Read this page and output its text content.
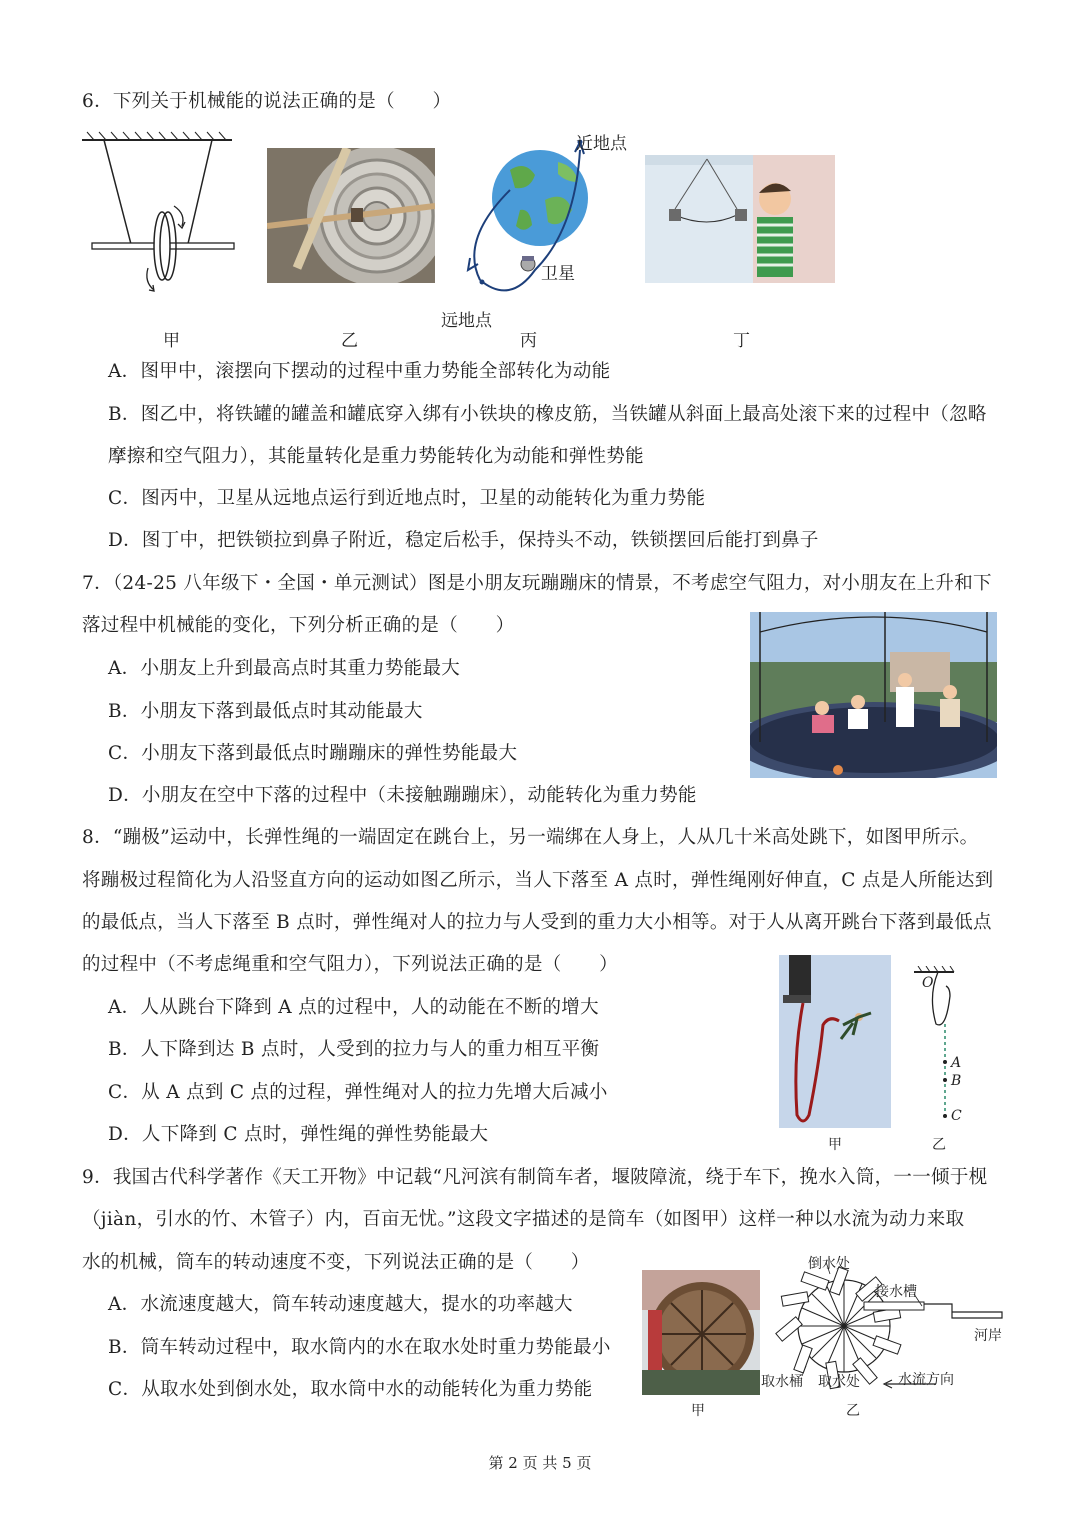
6．下列关于机械能的说法正确的是（　　）
近地点
卫星
远地点
甲	乙	丙	丁
A．图甲中，滚摆向下摆动的过程中重力势能全部转化为动能
B．图乙中，将铁罐的罐盖和罐底穿入绑有小铁块的橡皮筋，当铁罐从斜面上最高处滚下来的过程中（忽略
摩擦和空气阻力），其能量转化是重力势能转化为动能和弹性势能
C．图丙中，卫星从远地点运行到近地点时，卫星的动能转化为重力势能
D．图丁中，把铁锁拉到鼻子附近，稳定后松手，保持头不动，铁锁摆回后能打到鼻子
7．（24-25 八年级下・全国・单元测试）图是小朋友玩蹦蹦床的情景，不考虑空气阻力，对小朋友在上升和下
落过程中机械能的变化，下列分析正确的是（　　）
A．小朋友上升到最高点时其重力势能最大
B．小朋友下落到最低点时其动能最大
C．小朋友下落到最低点时蹦蹦床的弹性势能最大
D．小朋友在空中下落的过程中（未接触蹦蹦床），动能转化为重力势能
8．“蹦极”运动中，长弹性绳的一端固定在跳台上，另一端绑在人身上，人从几十米高处跳下，如图甲所示。
将蹦极过程简化为人沿竖直方向的运动如图乙所示，当人下落至 A 点时，弹性绳刚好伸直，C 点是人所能达到
的最低点，当人下落至 B 点时，弹性绳对人的拉力与人受到的重力大小相等。对于人从离开跳台下落到最低点
的过程中（不考虑绳重和空气阻力），下列说法正确的是（　　）
O
A
B
C
甲	乙
A．人从跳台下降到 A 点的过程中，人的动能在不断的增大
B．人下降到达 B 点时，人受到的拉力与人的重力相互平衡
C．从 A 点到 C 点的过程，弹性绳对人的拉力先增大后减小
D．人下降到 C 点时，弹性绳的弹性势能最大
9．我国古代科学著作《天工开物》中记载“凡河滨有制筒车者，堰陂障流，绕于车下，挽水入筒，一一倾于枧
（jiàn，引水的竹、木管子）内，百亩无忧。”这段文字描述的是筒车（如图甲）这样一种以水流为动力来取
水的机械，筒车的转动速度不变，下列说法正确的是（　　）	倒水处
接水槽
河岸
取水桶 取水处	水流方向
甲	乙
A．水流速度越大，筒车转动速度越大，提水的功率越大
B．筒车转动过程中，取水筒内的水在取水处时重力势能最小
C．从取水处到倒水处，取水筒中水的动能转化为重力势能
第 2 页 共 5 页
